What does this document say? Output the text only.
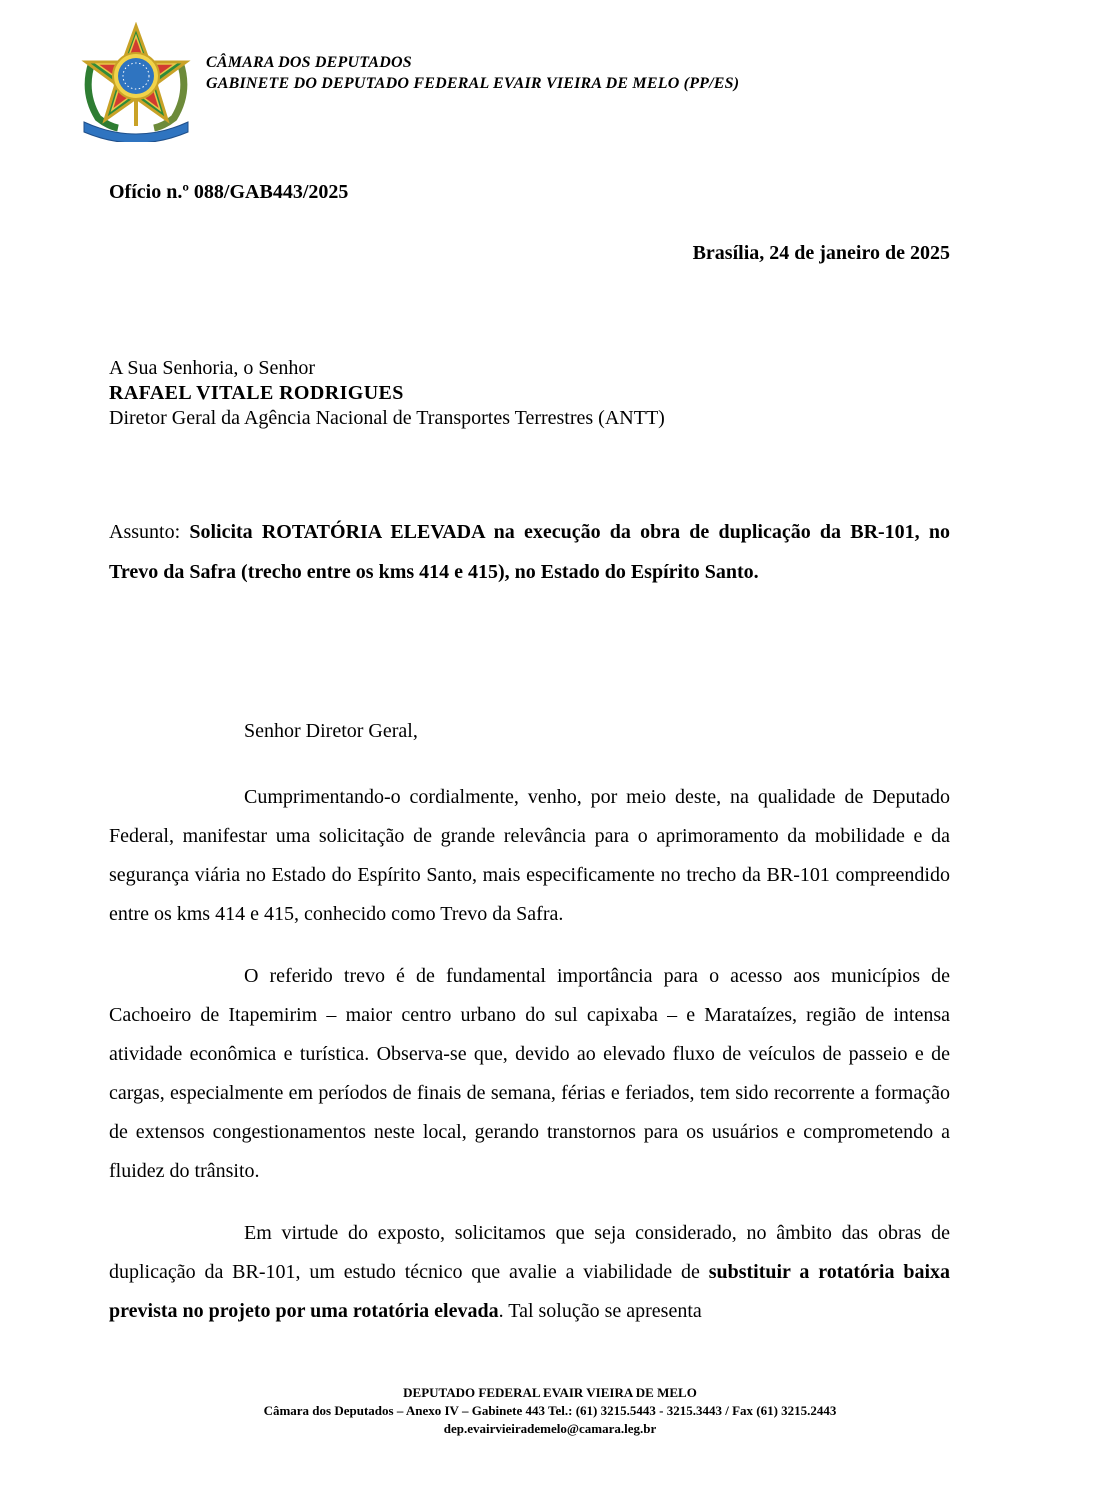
CÂMARA DOS DEPUTADOS
GABINETE DO DEPUTADO FEDERAL EVAIR VIEIRA DE MELO (PP/ES)
Ofício n.º 088/GAB443/2025
Brasília, 24 de janeiro de 2025
A Sua Senhoria, o Senhor
RAFAEL VITALE RODRIGUES
Diretor Geral da Agência Nacional de Transportes Terrestres (ANTT)
Assunto: Solicita ROTATÓRIA ELEVADA na execução da obra de duplicação da BR-101, no Trevo da Safra (trecho entre os kms 414 e 415), no Estado do Espírito Santo.
Senhor Diretor Geral,

Cumprimentando-o cordialmente, venho, por meio deste, na qualidade de Deputado Federal, manifestar uma solicitação de grande relevância para o aprimoramento da mobilidade e da segurança viária no Estado do Espírito Santo, mais especificamente no trecho da BR-101 compreendido entre os kms 414 e 415, conhecido como Trevo da Safra.

O referido trevo é de fundamental importância para o acesso aos municípios de Cachoeiro de Itapemirim – maior centro urbano do sul capixaba – e Marataízes, região de intensa atividade econômica e turística. Observa-se que, devido ao elevado fluxo de veículos de passeio e de cargas, especialmente em períodos de finais de semana, férias e feriados, tem sido recorrente a formação de extensos congestionamentos neste local, gerando transtornos para os usuários e comprometendo a fluidez do trânsito.

Em virtude do exposto, solicitamos que seja considerado, no âmbito das obras de duplicação da BR-101, um estudo técnico que avalie a viabilidade de substituir a rotatória baixa prevista no projeto por uma rotatória elevada. Tal solução se apresenta

DEPUTADO FEDERAL EVAIR VIEIRA DE MELO
Câmara dos Deputados – Anexo IV – Gabinete 443 Tel.: (61) 3215.5443 - 3215.3443 / Fax (61) 3215.2443
dep.evairvieirademelo@camara.leg.br
